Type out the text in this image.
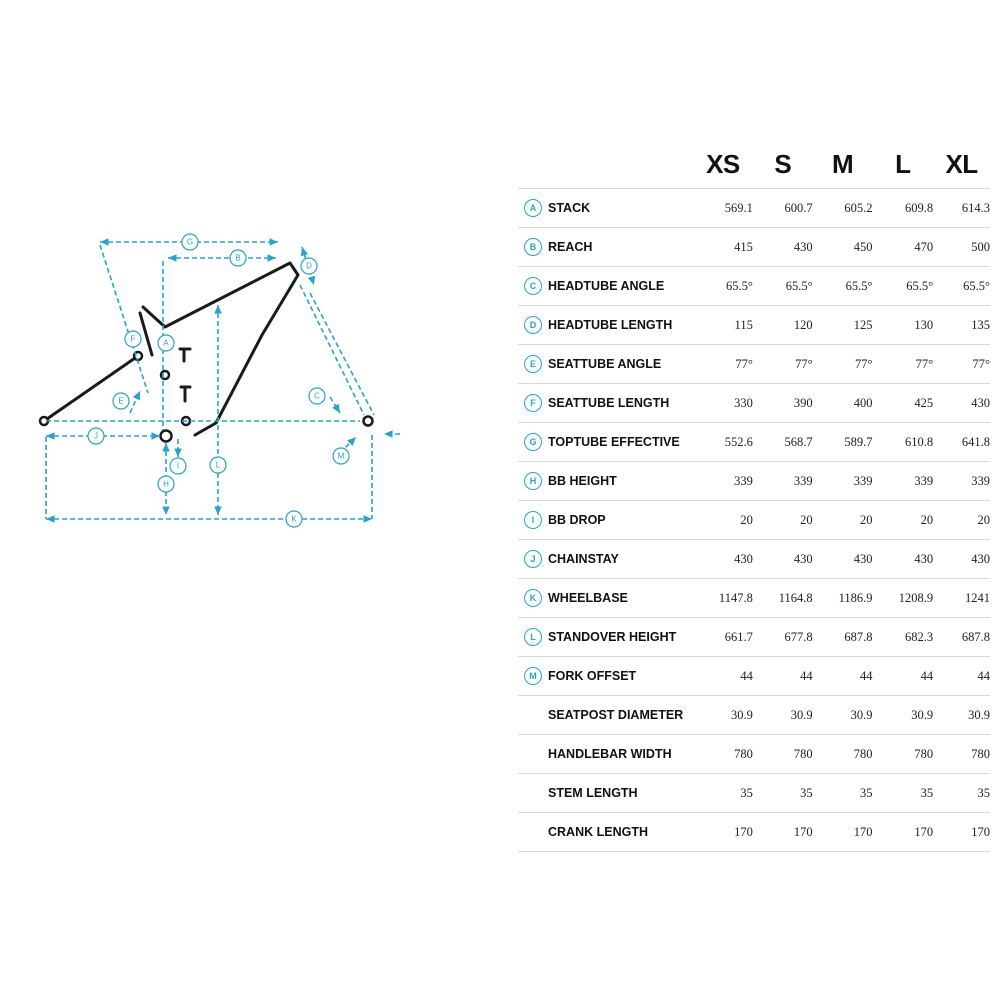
G
B
D
F	A
E
C
J
M
I	L
H
K
		XS	S	M	L	XL
A	STACK	569.1	600.7	605.2	609.8	614.3
B	REACH	415	430	450	470	500
C	HEADTUBE ANGLE	65.5°	65.5°	65.5°	65.5°	65.5°
D	HEADTUBE LENGTH	115	120	125	130	135
E	SEATTUBE ANGLE	77°	77°	77°	77°	77°
F	SEATTUBE LENGTH	330	390	400	425	430
G	TOPTUBE EFFECTIVE	552.6	568.7	589.7	610.8	641.8
H	BB HEIGHT	339	339	339	339	339
I	BB DROP	20	20	20	20	20
J	CHAINSTAY	430	430	430	430	430
K	WHEELBASE	1147.8	1164.8	1186.9	1208.9	1241
L	STANDOVER HEIGHT	661.7	677.8	687.8	682.3	687.8
M	FORK OFFSET	44	44	44	44	44
	SEATPOST DIAMETER	30.9	30.9	30.9	30.9	30.9
	HANDLEBAR WIDTH	780	780	780	780	780
	STEM LENGTH	35	35	35	35	35
	CRANK LENGTH	170	170	170	170	170
